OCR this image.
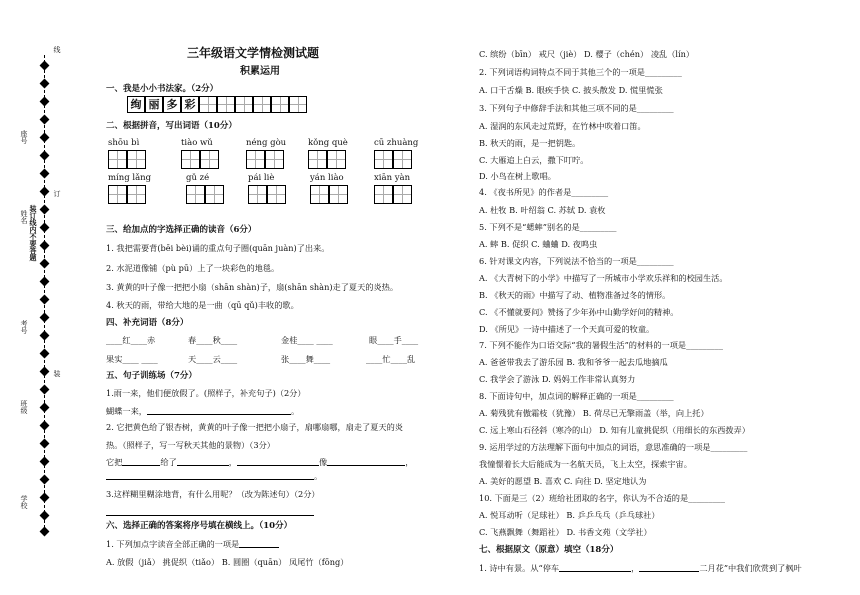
线
座号
姓名 装订线内不要答题
订
考号
装
班级
学校
三年级语文学情检测试题
积累运用
一、我是小小书法家。（2分）
绚 丽 多 彩
二、根据拼音，写出词语（10分）
shōu bì	tiào wǔ	néng gòu	kǒng què	cū zhuàng
míng lǎng	gǔ zé	pái liè	yán liào	xiān yàn
三、给加点的字选择正确的读音（6分）
1. 我把需要背(bēi bèi)诵的重点句子圈(quān juàn)了出来。
2. 水泥道像铺（pù pū）上了一块彩色的地毯。
3. 黄黄的叶子像一把把小扇（shān shàn)子，扇(shān shàn)走了夏天的炎热。
4. 秋天的雨，带给大地的是一曲（qū qǔ)丰收的歌。
四、补充词语（8分）
____红____赤	春____秋____	金桂____ ____	眼____手____
果实____ ____	天____云____	张____舞____	____忙____乱
五、句子训练场（7分）
1.雨一来，他们便放假了。(照样子，补充句子)（2分）
蝴蝶一来，	。
2. 它把黄色给了银杏树，黄黄的叶子像一把把小扇子，扇哪扇哪，扇走了夏天的炎
热。（照样子，写一写秋天其他的景物）（3分）
它把	给了	，	像	，
。
3.这样糊里糊涂地背，有什么用呢？（改为陈述句）（2分）
六、选择正确的答案将序号填在横线上。（10分）
1. 下列加点字读音全部正确的一项是
A. 放假（jiǎ） 挑促织（tiǎo） B. 圆圈（quān） 凤尾竹（fōng）
C. 缤纷（bīn） 戒尺（jiè） D. 樱子（chén） 凌乱（lín）
2. 下列词语构词特点不同于其他三个的一项是_________
A. 口干舌燥 B. 眼疾手快 C. 披头散发 D. 慌里慌张
3. 下列句子中修辞手法和其他三项不同的是_________
A. 湿润的东风走过荒野，在竹林中吹着口笛。
B. 秋天的雨，是一把钥匙。
C. 大雁追上白云，撒下叮咛。
D. 小鸟在树上歌唱。
4. 《夜书所见》的作者是_________
A. 杜牧 B. 叶绍翁 C. 苏轼 D. 袁枚
5. 下列不是“蟋蟀”别名的是_________
A. 蟀 B. 促织 C. 蛐蛐 D. 夜鸣虫
6. 针对课文内容，下列说法不恰当的一项是_________
A. 《大青树下的小学》中描写了一所城市小学欢乐祥和的校园生活。
B. 《秋天的雨》中描写了动、植物准备过冬的情形。
C. 《不懂就要问》赞扬了少年孙中山勤学好问的精神。
D. 《所见》一诗中描述了一个天真可爱的牧童。
7. 下列不能作为口语交际“我的暑假生活”的材料的一项是_________
A. 爸爸带我去了游乐园 B. 我和爷爷一起去瓜地摘瓜
C. 我学会了游泳 D. 妈妈工作非常认真努力
8. 下面诗句中，加点词的解释正确的一项是_________
A. 菊残犹有傲霜枝（犹豫） B. 荷尽已无擎雨盖（举，向上托）
C. 远上寒山石径斜（寒冷的山） D. 知有儿童挑促织（用细长的东西拨弄）
9. 运用学过的方法理解下面句中加点的词语，意思准确的一项是_________
我憧憬着长大后能成为一名航天员，飞上太空，探索宇宙。
A. 美好的愿望 B. 喜欢 C. 向往 D. 坚定地认为
10. 下面是三（2）班给社团取的名字，你认为不合适的是_________
A. 悦耳动听（足球社） B. 乒乒乓乓（乒乓球社）
C. 飞燕飘舞（舞蹈社） D. 书香文苑（文学社）
七、根据原文（原意）填空（18分）
1. 诗中有景。从“停车	，	二月花”中我们欣赏到了枫叶
